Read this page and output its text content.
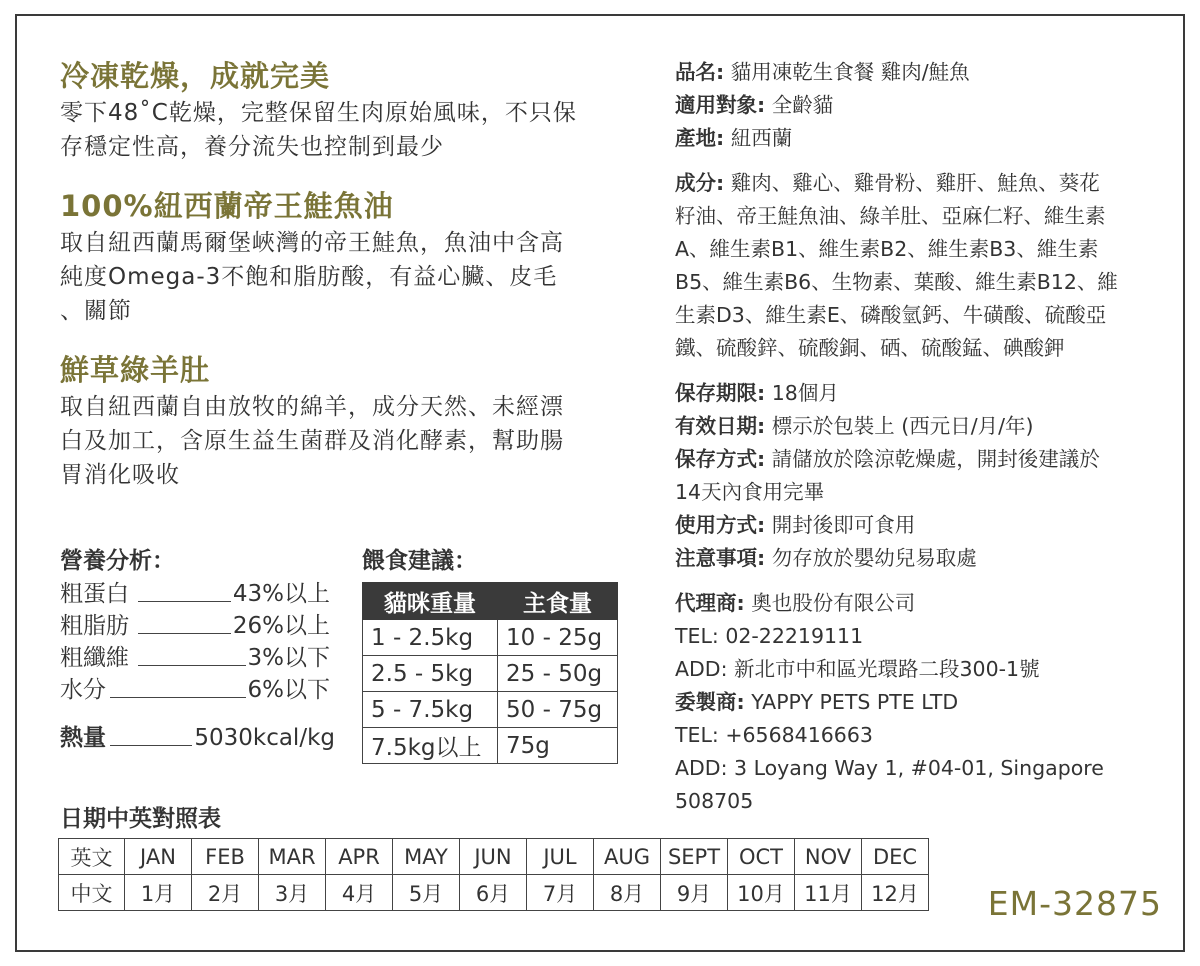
冷凍乾燥，成就完美
零下48˚C乾燥，完整保留生肉原始風味，不只保
存穩定性高，養分流失也控制到最少
100%紐西蘭帝王鮭魚油
取自紐西蘭馬爾堡峽灣的帝王鮭魚，魚油中含高
純度Omega-3不飽和脂肪酸，有益心臟、皮毛
、關節
鮮草綠羊肚
取自紐西蘭自由放牧的綿羊，成分天然、未經漂
白及加工，含原生益生菌群及消化酵素，幫助腸
胃消化吸收
營養分析：
粗蛋白	43%以上
粗脂肪	26%以上
粗纖維	3%以下
水分	6%以下
熱量	5030kcal/kg
餵食建議：
貓咪重量	主食量
1 - 2.5kg	10 - 25g
2.5 - 5kg	25 - 50g
5 - 7.5kg	50 - 75g
7.5kg以上	75g
日期中英對照表
英文	JAN	FEB	MAR	APR	MAY	JUN	JUL	AUG	SEPT	OCT	NOV	DEC
中文	1月	2月	3月	4月	5月	6月	7月	8月	9月	10月	11月	12月 EM-32875
品名: 貓用凍乾生食餐 雞肉/鮭魚
適用對象: 全齡貓
產地: 紐西蘭
成分: 雞肉、雞心、雞骨粉、雞肝、鮭魚、葵花
籽油、帝王鮭魚油、綠羊肚、亞麻仁籽、維生素
A、維生素B1、維生素B2、維生素B3、維生素
B5、維生素B6、生物素、葉酸、維生素B12、維
生素D3、維生素E、磷酸氫鈣、牛磺酸、硫酸亞
鐵、硫酸鋅、硫酸銅、硒、硫酸錳、碘酸鉀
保存期限: 18個月
有效日期: 標示於包裝上 (西元日/月/年)
保存方式: 請儲放於陰涼乾燥處，開封後建議於
14天內食用完畢
使用方式: 開封後即可食用
注意事項: 勿存放於嬰幼兒易取處
代理商: 奧也股份有限公司
TEL: 02-22219111
ADD: 新北市中和區光環路二段300-1號
委製商: YAPPY PETS PTE LTD
TEL: +6568416663
ADD: 3 Loyang Way 1, #04-01, Singapore
508705
